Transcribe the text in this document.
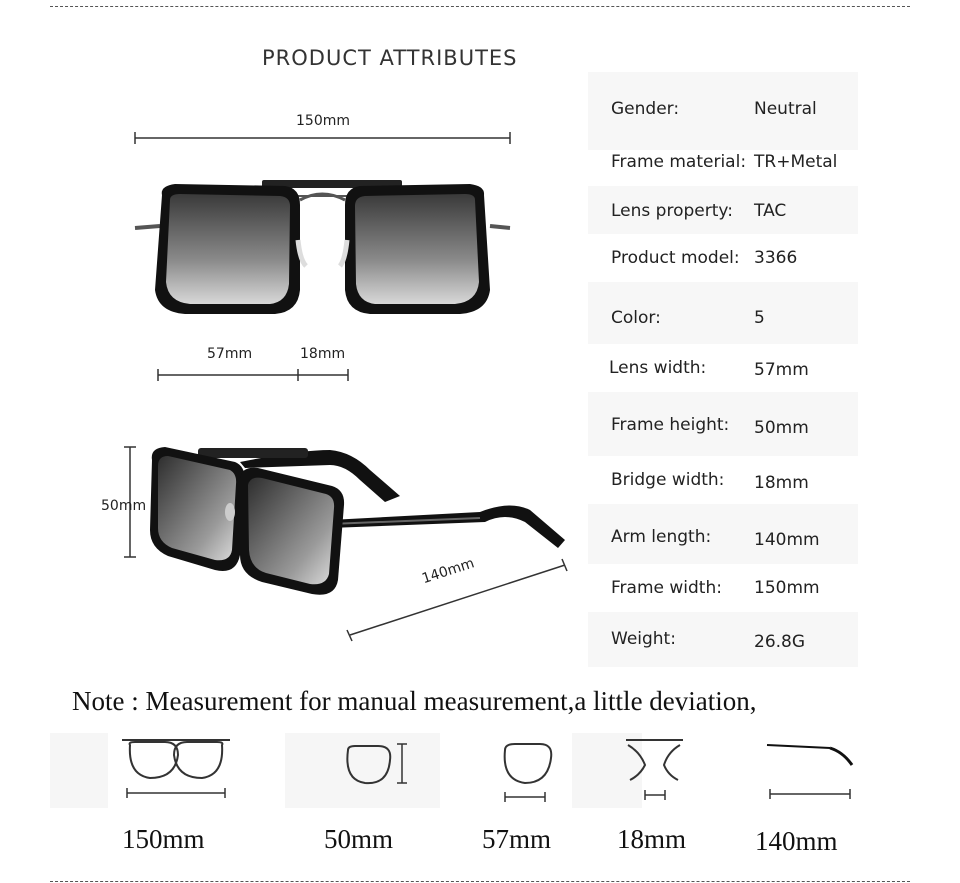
PRODUCT ATTRIBUTES
150mm
57mm	18mm
50mm
140mm
Gender:	Neutral
Frame material: TR+Metal
Lens property: TAC
Product model: 3366
Color:	5
Lens width:	57mm
Frame height: 50mm
Bridge width: 18mm
Arm length:	140mm
Frame width: 150mm
Weight:	26.8G
Note : Measurement for manual measurement,a little deviation,
150mm	50mm	57mm 18mm	140mm
